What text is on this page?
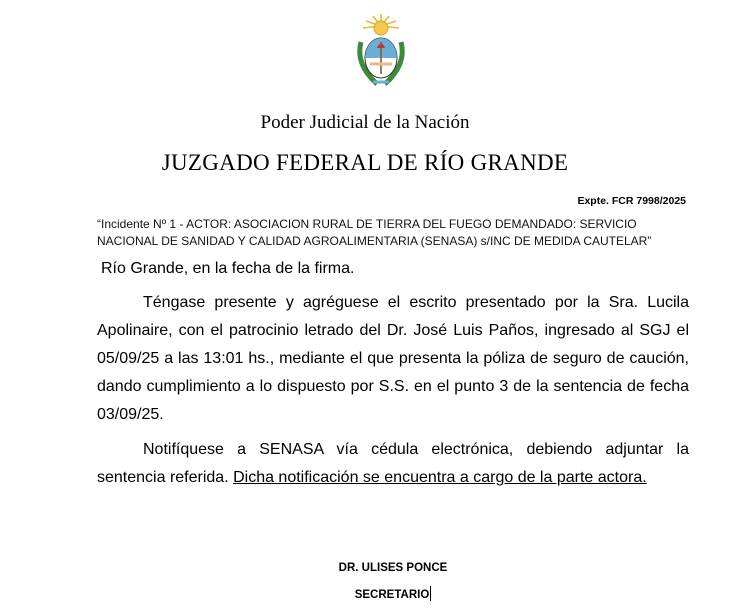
Poder Judicial de la Nación
JUZGADO FEDERAL DE RÍO GRANDE
Expte. FCR 7998/2025
“Incidente Nº 1 - ACTOR: ASOCIACION RURAL DE TIERRA DEL FUEGO DEMANDADO: SERVICIO NACIONAL DE SANIDAD Y CALIDAD AGROALIMENTARIA (SENASA) s/INC DE MEDIDA CAUTELAR”
Río Grande, en la fecha de la firma.
Téngase presente y agréguese el escrito presentado por la Sra. Lucila Apolinaire, con el patrocinio letrado del Dr. José Luis Paños, ingresado al SGJ el 05/09/25 a las 13:01 hs., mediante el que presenta la póliza de seguro de caución, dando cumplimiento a lo dispuesto por S.S. en el punto 3 de la sentencia de fecha 03/09/25.
Notifíquese a SENASA vía cédula electrónica, debiendo adjuntar la sentencia referida. Dicha notificación se encuentra a cargo de la parte actora.
DR. ULISES PONCE
SECRETARIO
